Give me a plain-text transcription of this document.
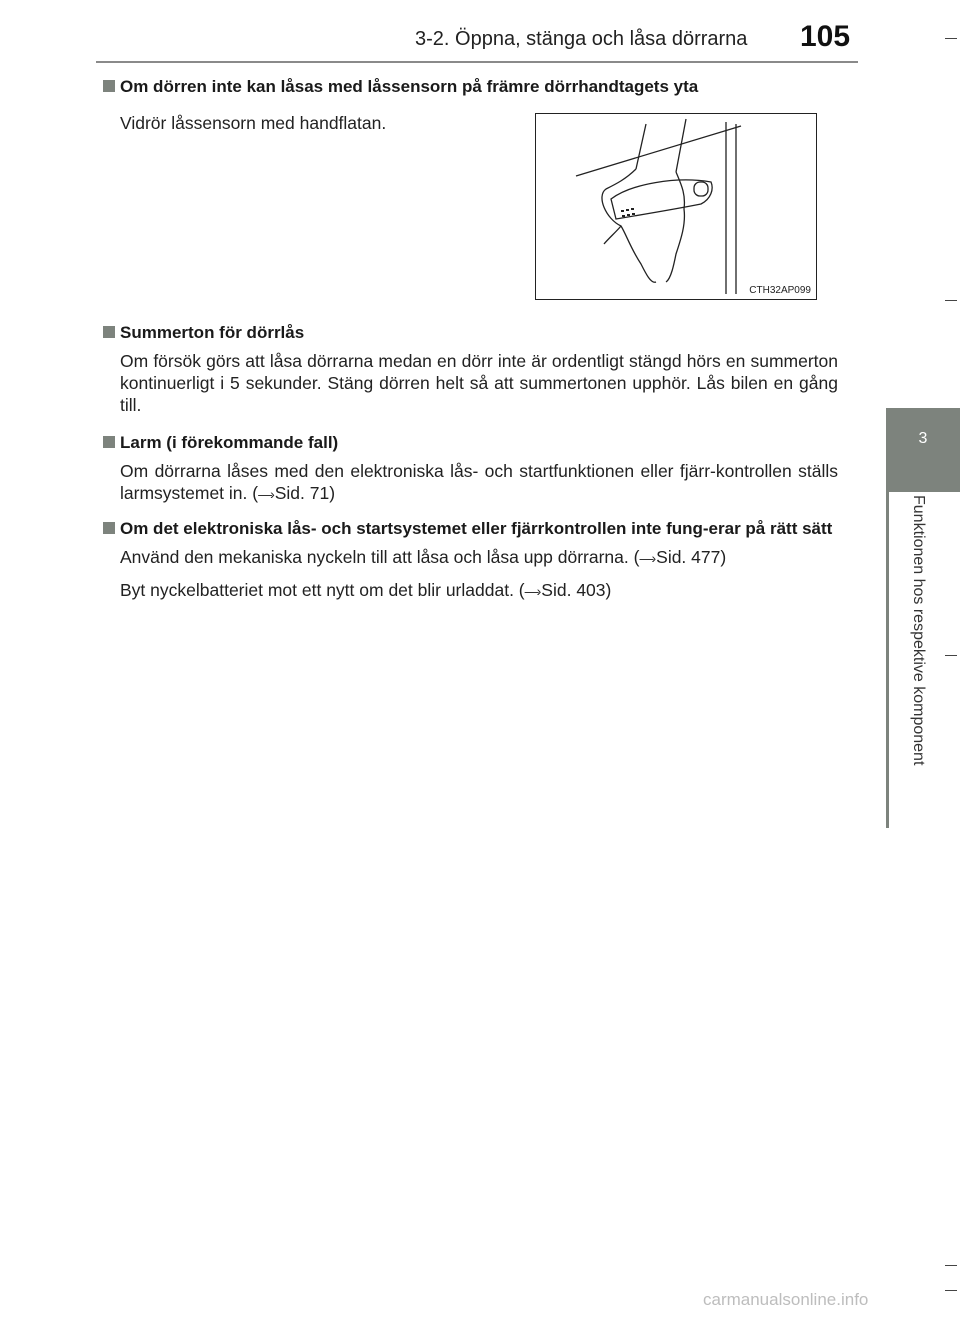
3-2. Öppna, stänga och låsa dörrarna 105
3
Funktionen hos respektive komponent
Om dörren inte kan låsas med låssensorn på främre dörrhandtagets yta
Vidrör låssensorn med handflatan.
CTH32AP099
Summerton för dörrlås
Om försök görs att låsa dörrarna medan en dörr inte är ordentligt stängd hörs en summerton kontinuerligt i 5 sekunder. Stäng dörren helt så att summertonen upphör. Lås bilen en gång till.
Larm (i förekommande fall)
Om dörrarna låses med den elektroniska lås- och startfunktionen eller fjärr-kontrollen ställs larmsystemet in. (—› Sid. 71)
Om det elektroniska lås- och startsystemet eller fjärrkontrollen inte fung-erar på rätt sätt
Använd den mekaniska nyckeln till att låsa och låsa upp dörrarna. (—› Sid. 477)
Byt nyckelbatteriet mot ett nytt om det blir urladdat. (—› Sid. 403)
carmanualsonline.info
